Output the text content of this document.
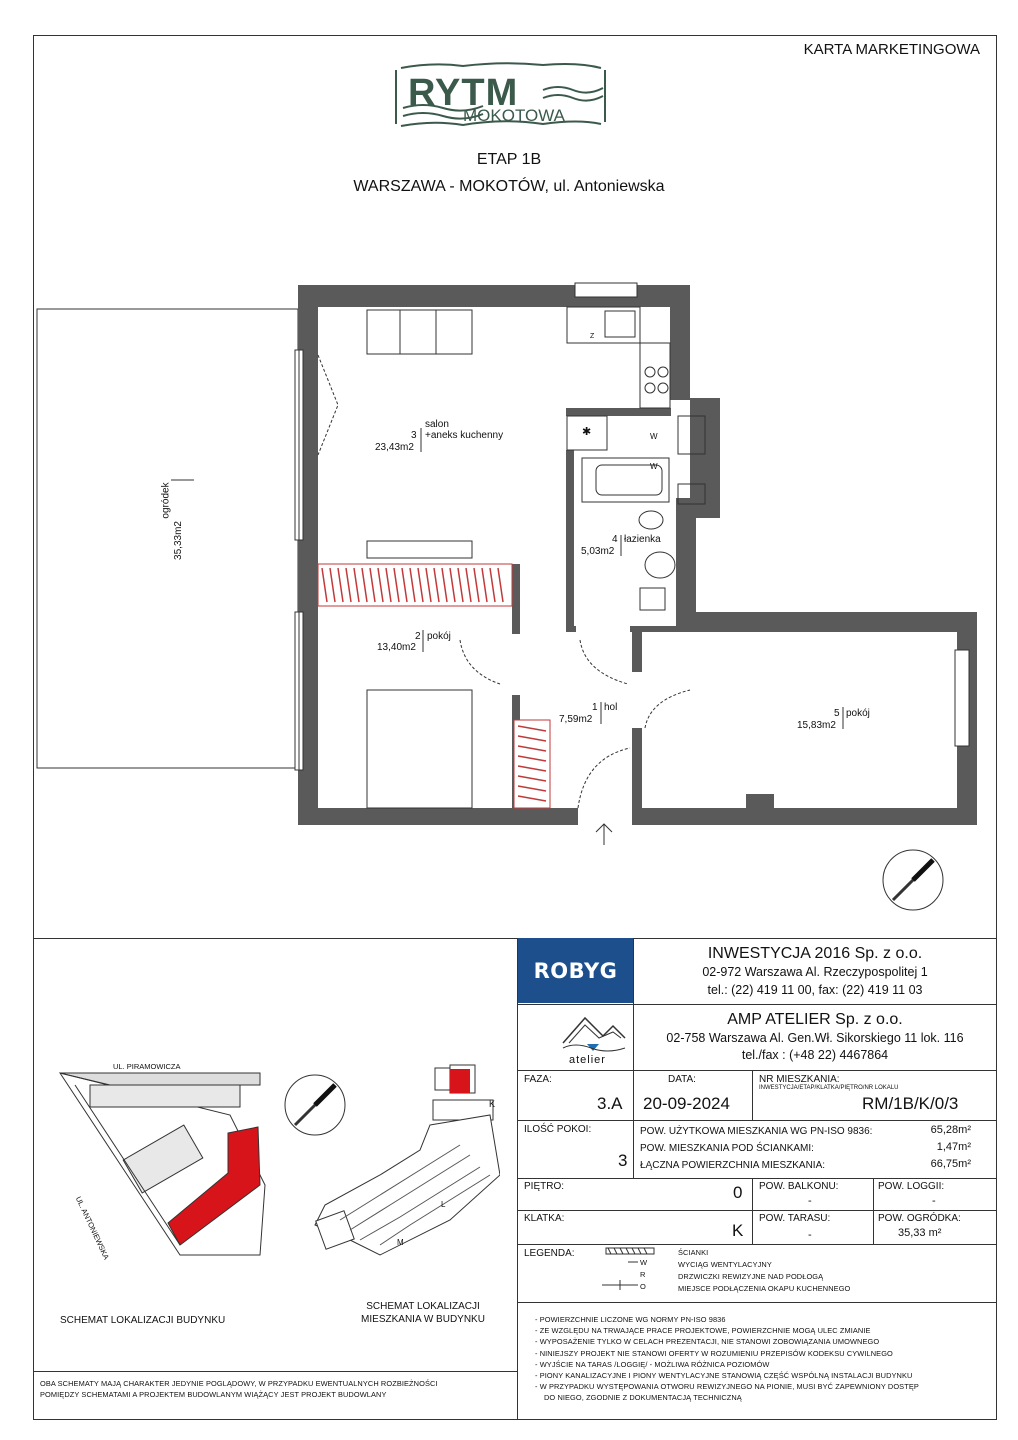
KARTA MARKETINGOWA
RYTM
MOKOTOWA
ETAP 1B
WARSZAWA - MOKOTÓW, ul. Antoniewska
salon
3 +aneks kuchenny
23,43m2
2 pokój
13,40m2
1 hol
7,59m2
4 łazienka
5,03m2
5 pokój
15,83m2
ogródek
35,33m2
Z
✱	W
W
ROBYG
INWESTYCJA 2016 Sp. z o.o.
02-972 Warszawa Al. Rzeczypospolitej 1
tel.: (22) 419 11 00, fax: (22) 419 11 03
atelier
AMP ATELIER Sp. z o.o.
02-758 Warszawa Al. Gen.Wł. Sikorskiego 11 lok. 116
tel./fax : (+48 22) 4467864
FAZA:
3.A
DATA:
20-09-2024
NR MIESZKANIA:
INWESTYCJA/ETAP/KLATKA/PIĘTRO/NR LOKALU
RM/1B/K/0/3
ILOŚĆ POKOI:
3
POW. UŻYTKOWA MIESZKANIA WG PN-ISO 9836:	65,28m²
POW. MIESZKANIA POD ŚCIANKAMI:	1,47m²
ŁĄCZNA POWIERZCHNIA MIESZKANIA:	66,75m²
PIĘTRO:	0 POW. BALKONU:
-
POW. LOGGII:
-
KLATKA:
K
POW. TARASU:
-
POW. OGRÓDKA:
35,33 m²
LEGENDA:
W
R
O
ŚCIANKI
WYCIĄG WENTYLACYJNY
DRZWICZKI REWIZYJNE NAD PODŁOGĄ
MIEJSCE PODŁĄCZENIA OKAPU KUCHENNEGO
- POWIERZCHNIE LICZONE WG NORMY PN-ISO 9836
- ZE WZGLĘDU NA TRWAJĄCE PRACE PROJEKTOWE, POWIERZCHNIE MOGĄ ULEC ZMIANIE
- WYPOSAŻENIE TYLKO W CELACH PREZENTACJI, NIE STANOWI ZOBOWIĄZANIA UMOWNEGO
- NINIEJSZY PROJEKT NIE STANOWI OFERTY W ROZUMIENIU PRZEPISÓW KODEKSU CYWILNEGO
- WYJŚCIE NA TARAS /LOGGIĘ/ - MOŻLIWA RÓŻNICA POZIOMÓW
- PIONY KANALIZACYJNE I PIONY WENTYLACYJNE STANOWIĄ CZĘŚĆ WSPÓLNĄ INSTALACJI BUDYNKU
- W PRZYPADKU WYSTĘPOWANIA OTWORU REWIZYJNEGO NA PIONIE, MUSI BYĆ ZAPEWNIONY DOSTĘP
DO NIEGO, ZGODNIE Z DOKUMENTACJĄ TECHNICZNĄ
UL. PIRAMOWICZA
UL. ANTONIEWSKA
K
L
M
SCHEMAT LOKALIZACJI BUDYNKU
SCHEMAT LOKALIZACJI
MIESZKANIA W BUDYNKU
OBA SCHEMATY MAJĄ CHARAKTER JEDYNIE POGLĄDOWY, W PRZYPADKU EWENTUALNYCH ROZBIEŻNOŚCI
POMIĘDZY SCHEMATAMI A PROJEKTEM BUDOWLANYM WIĄŻĄCY JEST PROJEKT BUDOWLANY
